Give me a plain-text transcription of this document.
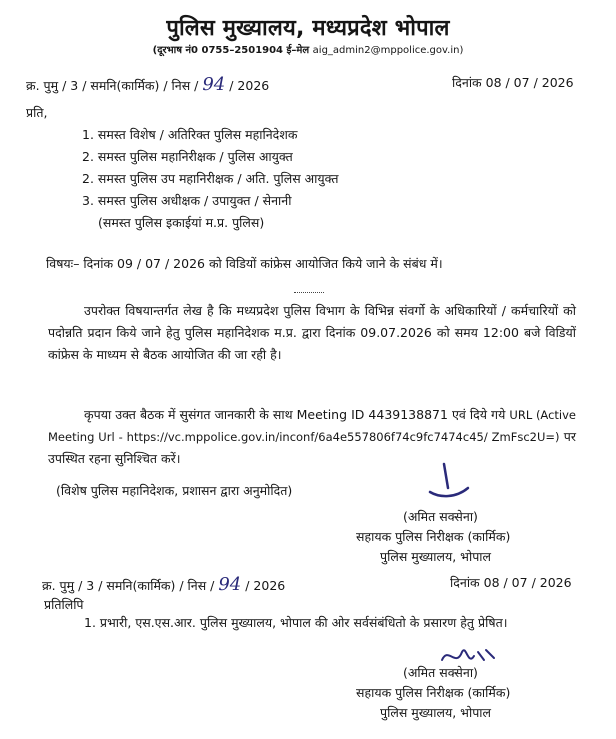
पुलिस मुख्यालय, मध्यप्रदेश भोपाल
(दूरभाष नं0 0755–2501904 ई–मेल aig_admin2@mppolice.gov.in)
क्र. पुमु / 3 / समनि(कार्मिक) / निस / 94 / 2026	दिनांक 08 / 07 / 2026
प्रति,
1. समस्त विशेष / अतिरिक्त पुलिस महानिदेशक
2. समस्त पुलिस महानिरीक्षक / पुलिस आयुक्त
2. समस्त पुलिस उप महानिरीक्षक / अति. पुलिस आयुक्त
3. समस्त पुलिस अधीक्षक / उपायुक्त / सेनानी
(समस्त पुलिस इकाईयां म.प्र. पुलिस)
विषयः– दिनांक 09 / 07 / 2026 को विडियों कांफ्रेस आयोजित किये जाने के संबंध में।
उपरोक्त विषयान्तर्गत लेख है कि मध्यप्रदेश पुलिस विभाग के विभिन्न संवर्गो के अधिकारियों / कर्मचारियों को पदोन्नति प्रदान किये जाने हेतु पुलिस महानिदेशक म.प्र. द्वारा दिनांक 09.07.2026 को समय 12:00 बजे विडियों कांफ्रेस के माध्यम से बैठक आयोजित की जा रही है।
कृपया उक्त बैठक में सुसंगत जानकारी के साथ Meeting ID 4439138871 एवं दिये गये URL (Active Meeting Url - https://vc.mppolice.gov.in/inconf/6a4e557806f74c9fc7474c45/ ZmFsc2U=) पर उपस्थित रहना सुनिश्चित करें।
(विशेष पुलिस महानिदेशक, प्रशासन द्वारा अनुमोदित)
(अमित सक्सेना)
सहायक पुलिस निरीक्षक (कार्मिक)
पुलिस मुख्यालय, भोपाल
क्र. पुमु / 3 / समनि(कार्मिक) / निस / 94 / 2026	दिनांक 08 / 07 / 2026
प्रतिलिपि
1. प्रभारी, एस.एस.आर. पुलिस मुख्यालय, भोपाल की ओर सर्वसंबंधितो के प्रसारण हेतु प्रेषित।
(अमित सक्सेना)
सहायक पुलिस निरीक्षक (कार्मिक)
पुलिस मुख्यालय, भोपाल
